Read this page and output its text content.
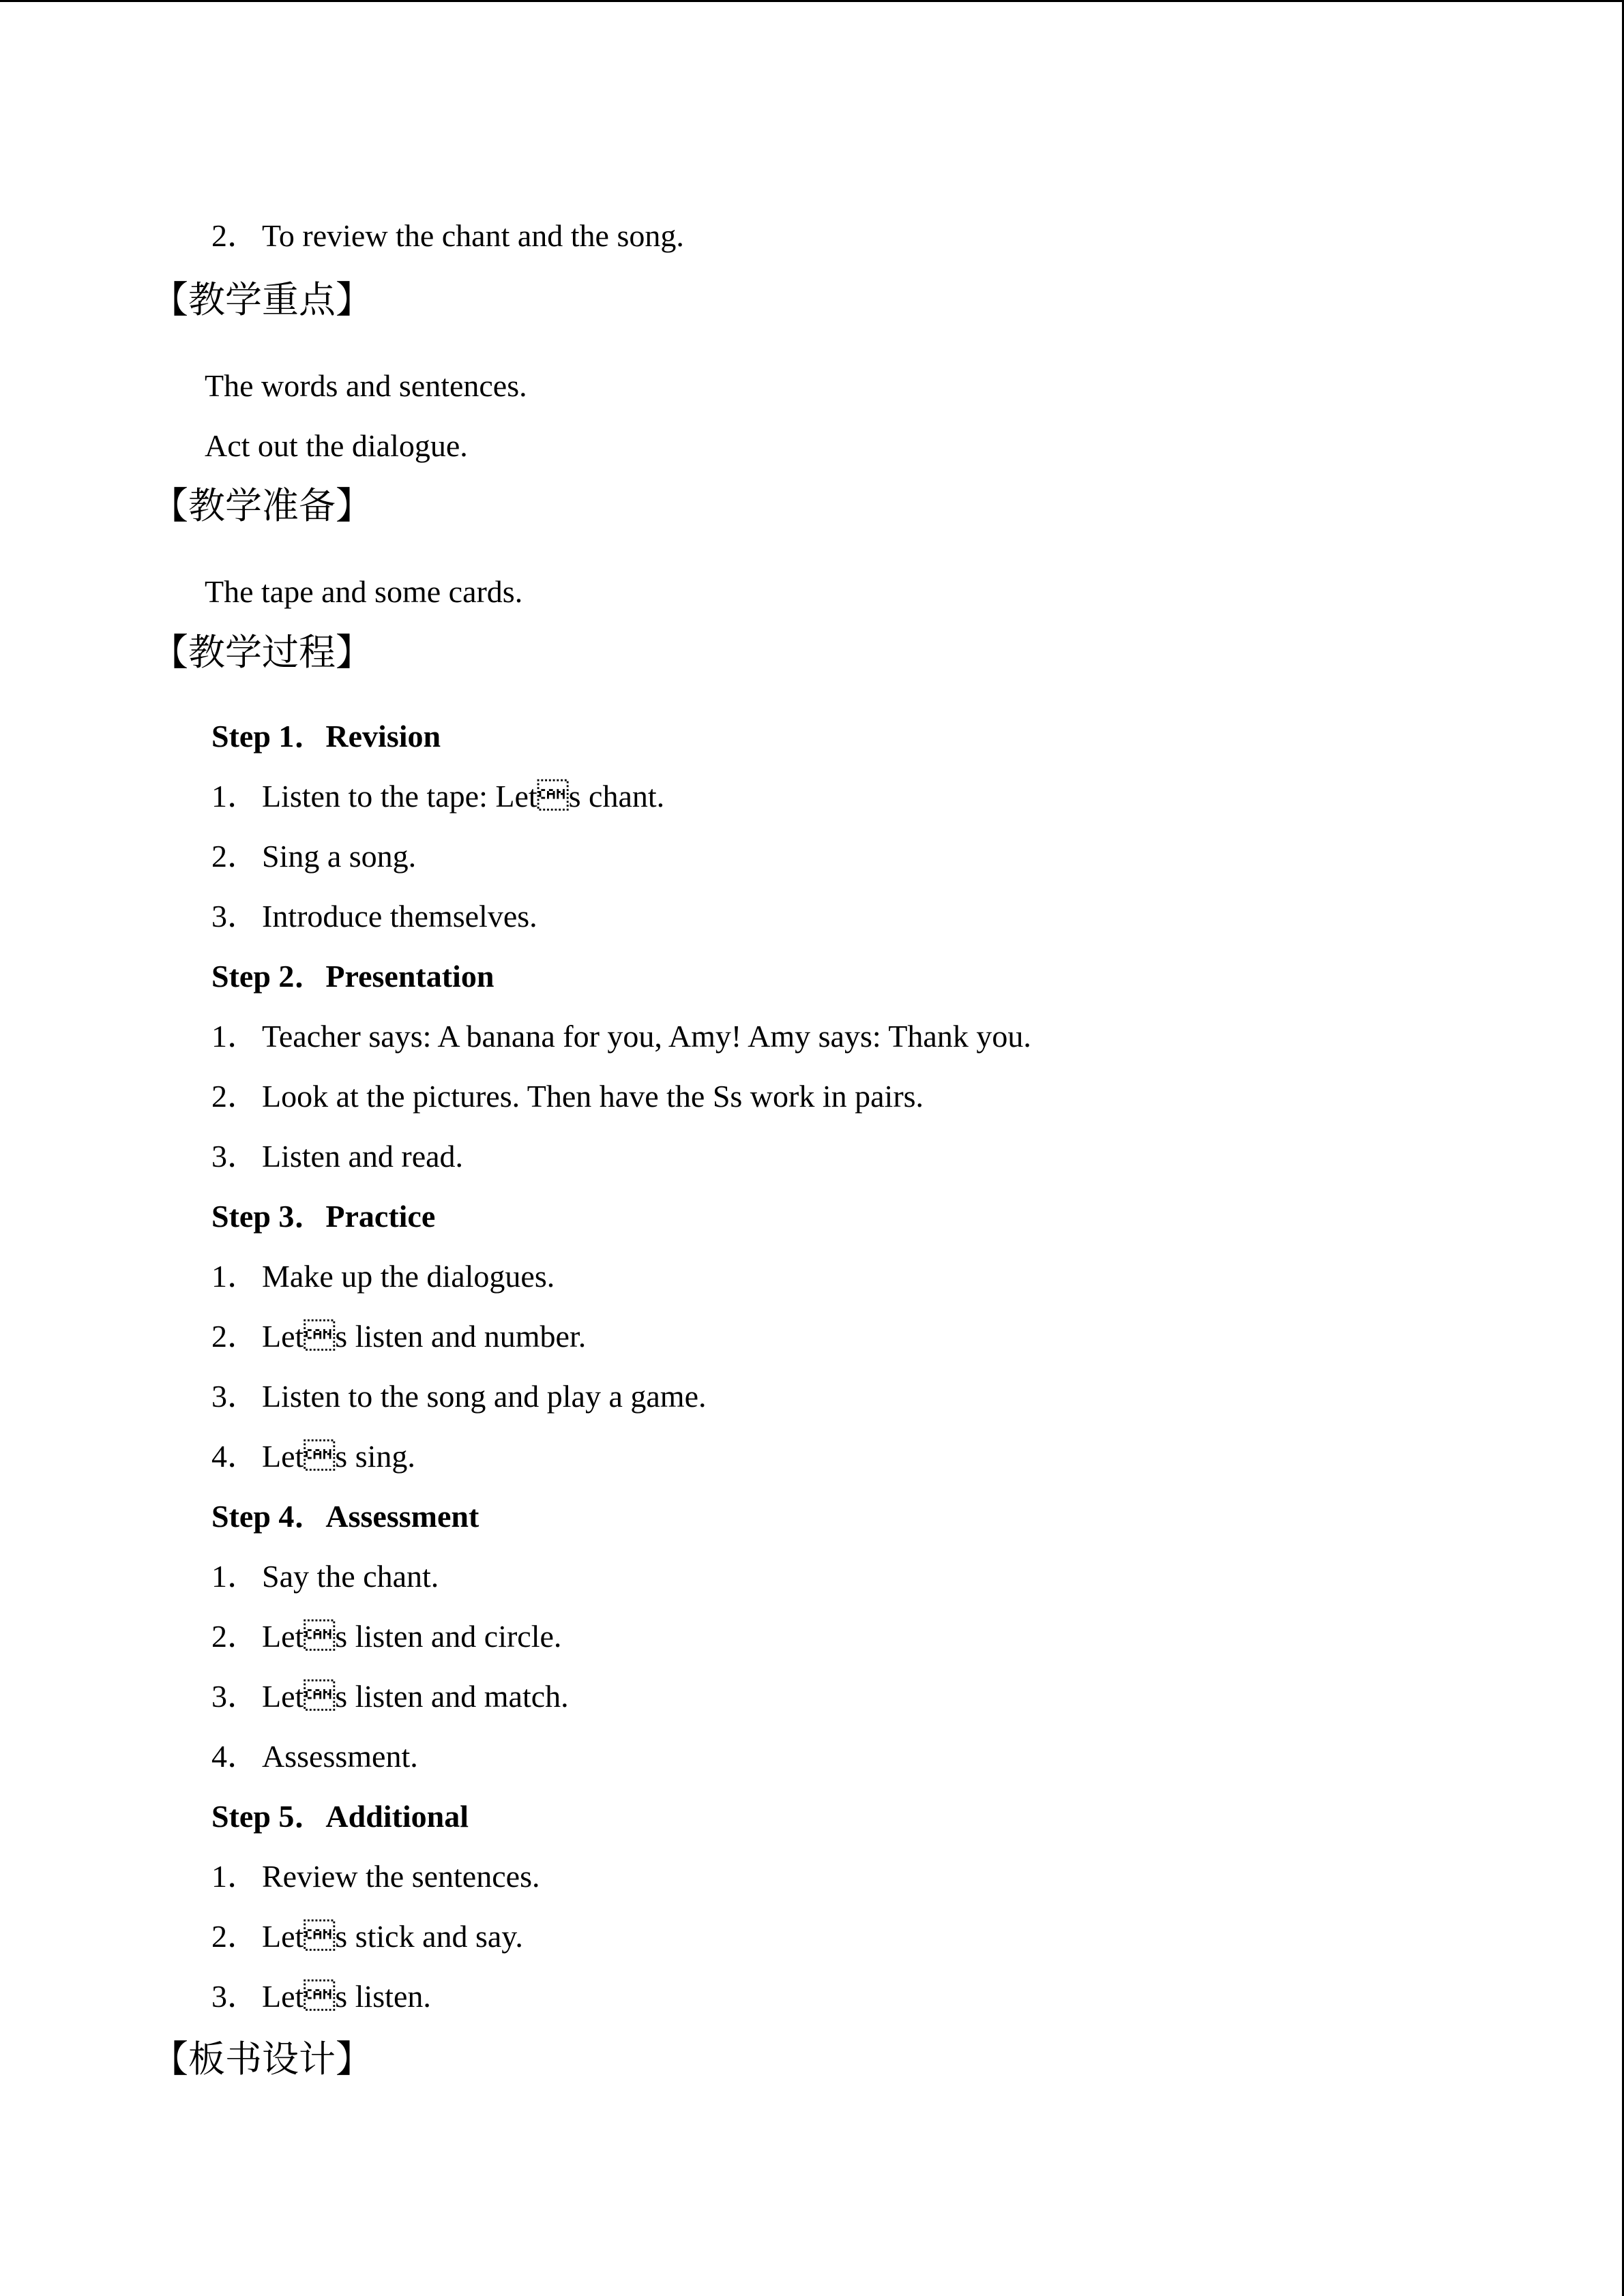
2． To review the chant and the song.
【教学重点】
The words and sentences.
Act out the dialogue.
【教学准备】
The tape and some cards.
【教学过程】
Step 1．Revision
1． Listen to the tape: Lets chant.
2． Sing a song.
3． Introduce themselves.
Step 2．Presentation
1． Teacher says: A banana for you, Amy! Amy says: Thank you.
2． Look at the pictures. Then have the Ss work in pairs.
3． Listen and read.
Step 3．Practice
1． Make up the dialogues.
2． Lets listen and number.
3． Listen to the song and play a game.
4． Lets sing.
Step 4．Assessment
1． Say the chant.
2． Lets listen and circle.
3． Lets listen and match.
4． Assessment.
Step 5．Additional
1． Review the sentences.
2． Lets stick and say.
3． Lets listen.
【板书设计】
